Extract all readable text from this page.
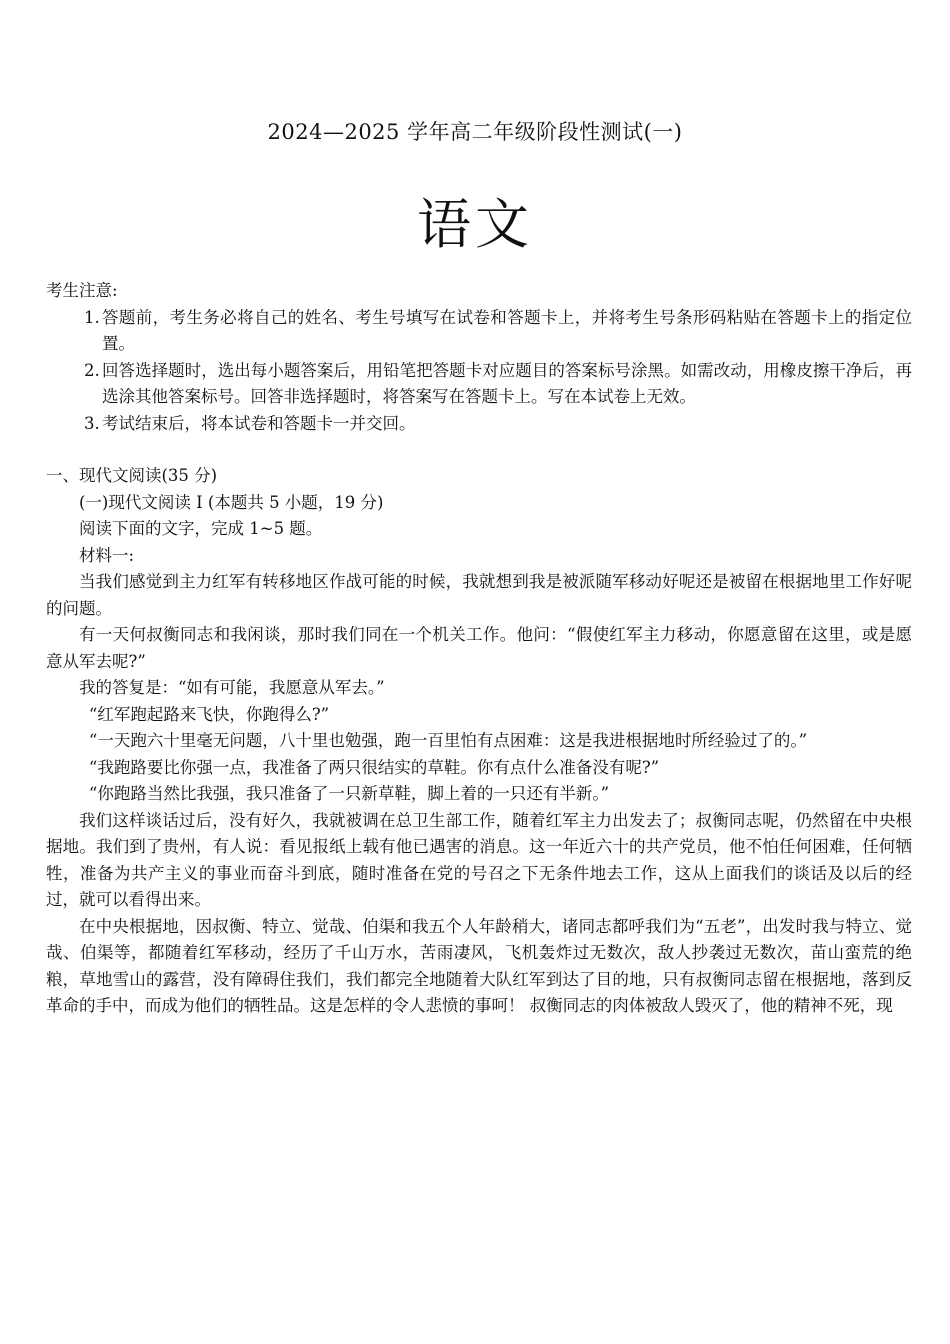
2024—2025 学年高二年级阶段性测试(一)
语文

考生注意:

1. 答题前，考生务必将自己的姓名、考生号填写在试卷和答题卡上，并将考生号条形码粘贴在答题卡上的指定位置。
2. 回答选择题时，选出每小题答案后，用铅笔把答题卡对应题目的答案标号涂黑。如需改动，用橡皮擦干净后，再选涂其他答案标号。回答非选择题时，将答案写在答题卡上。写在本试卷上无效。
3. 考试结束后，将本试卷和答题卡一并交回。

一、现代文阅读(35 分)

(一)现代文阅读 I (本题共 5 小题，19 分)

阅读下面的文字，完成 1~5 题。

材料一:

当我们感觉到主力红军有转移地区作战可能的时候，我就想到我是被派随军移动好呢还是被留在根据地里工作好呢的问题。

有一天何叔衡同志和我闲谈，那时我们同在一个机关工作。他问：“假使红军主力移动，你愿意留在这里，或是愿意从军去呢?”

我的答复是：“如有可能，我愿意从军去。”

“红军跑起路来飞快，你跑得么?”

“一天跑六十里毫无问题，八十里也勉强，跑一百里怕有点困难：这是我进根据地时所经验过了的。”

“我跑路要比你强一点，我准备了两只很结实的草鞋。你有点什么准备没有呢?”

“你跑路当然比我强，我只准备了一只新草鞋，脚上着的一只还有半新。”

我们这样谈话过后，没有好久，我就被调在总卫生部工作，随着红军主力出发去了；叔衡同志呢，仍然留在中央根据地。我们到了贵州，有人说：看见报纸上载有他已遇害的消息。这一年近六十的共产党员，他不怕任何困难，任何牺牲，准备为共产主义的事业而奋斗到底，随时准备在党的号召之下无条件地去工作，这从上面我们的谈话及以后的经过，就可以看得出来。

在中央根据地，因叔衡、特立、觉哉、伯渠和我五个人年龄稍大，诸同志都呼我们为“五老”，出发时我与特立、觉哉、伯渠等，都随着红军移动，经历了千山万水，苦雨凄风，飞机轰炸过无数次，敌人抄袭过无数次，苗山蛮荒的绝粮，草地雪山的露营，没有障碍住我们，我们都完全地随着大队红军到达了目的地，只有叔衡同志留在根据地，落到反革命的手中，而成为他们的牺牲品。这是怎样的令人悲愤的事呵！ 叔衡同志的肉体被敌人毁灭了，他的精神不死，现
